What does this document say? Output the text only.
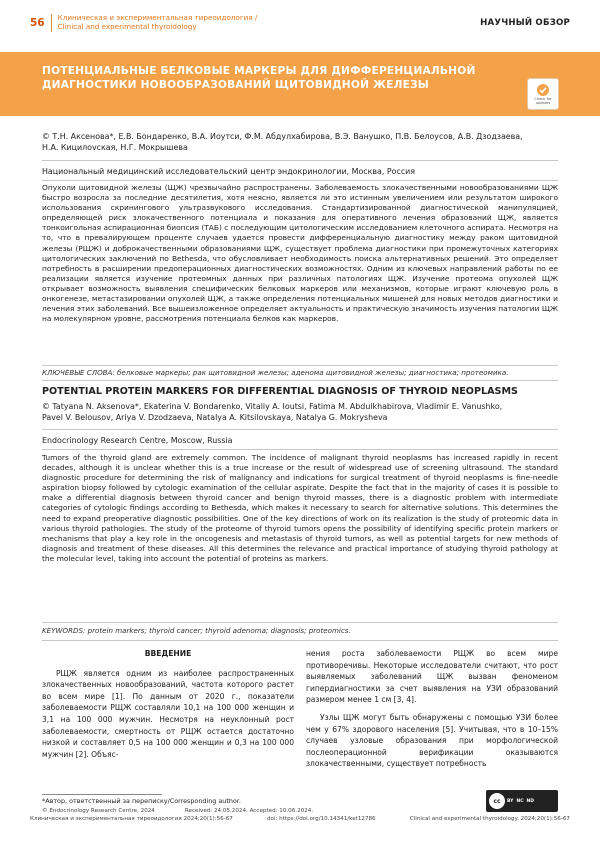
56 Клиническая и экспериментальная тиреоидология /
Clinical and experimental thyroidology	НАУЧНЫЙ ОБЗОР
ПОТЕНЦИАЛЬНЫЕ БЕЛКОВЫЕ МАРКЕРЫ ДЛЯ ДИФФЕРЕНЦИАЛЬНОЙ
ДИАГНОСТИКИ НОВООБРАЗОВАНИЙ ЩИТОВИДНОЙ ЖЕЛЕЗЫ
Check for
updates
© Т.Н. Аксенова*, Е.В. Бондаренко, В.А. Иоутси, Ф.М. Абдулхабирова, В.Э. Ванушко, П.В. Белоусов, А.В. Дзодзаева,
Н.А. Кицилovская, Н.Г. Мокрышева
Национальный медицинский исследовательский центр эндокринологии, Москва, Россия
Опухоли щитовидной железы (ЩЖ) чрезвычайно распространены. Заболеваемость злокачественными новообразованиями ЩЖ быстро возросла за последние десятилетия, хотя неясно, является ли это истинным увеличением или результатом широкого использования скринингового ультразвукового исследования. Стандартизированной диагностической манипуляцией, определяющей риск злокачественного потенциала и показания для оперативного лечения образований ЩЖ, является тонкоигольная аспирационная биопсия (ТАБ) с последующим цитологическим исследованием клеточного аспирата. Несмотря на то, что в превалирующем проценте случаев удается провести дифференциальную диагностику между раком щитовидной железы (РЩЖ) и доброкачественными образованиями ЩЖ, существует проблема диагностики при промежуточных категориях цитологических заключений по Bethesda, что обусловливает необходимость поиска альтернативных решений. Это определяет потребность в расширении предоперационных диагностических возможностях. Одним из ключевых направлений работы по ее реализации является изучение протеомных данных при различных патологиях ЩЖ. Изучение протеома опухолей ЩЖ открывает возможность выявления специфических белковых маркеров или механизмов, которые играют ключевую роль в онкогенезе, метастазировании опухолей ЩЖ, а также определения потенциальных мишеней для новых методов диагностики и лечения этих заболеваний. Все вышеизложенное определяет актуальность и практическую значимость изучения патологии ЩЖ на молекулярном уровне, рассмотрения потенциала белков как маркеров.
КЛЮЧЕВЫЕ СЛОВА: белковые маркеры; рак щитовидной железы; аденома щитовидной железы; диагностика; протеомика.
POTENTIAL PROTEIN MARKERS FOR DIFFERENTIAL DIAGNOSIS OF THYROID NEOPLASMS
© Tatyana N. Aksenova*, Ekaterina V. Bondarenko, Vitaliy A. Ioutsi, Fatima M. Abdulkhabirova, Vladimir E. Vanushko,
Pavel V. Belousov, Ariya V. Dzodzaeva, Natalya A. Kitsilovskaya, Natalya G. Mokrysheva
Endocrinology Research Centre, Moscow, Russia
Tumors of the thyroid gland are extremely common. The incidence of malignant thyroid neoplasms has increased rapidly in recent decades, although it is unclear whether this is a true increase or the result of widespread use of screening ultrasound. The standard diagnostic procedure for determining the risk of malignancy and indications for surgical treatment of thyroid neoplasms is fine-needle aspiration biopsy followed by cytologic examination of the cellular aspirate. Despite the fact that in the majority of cases it is possible to make a differential diagnosis between thyroid cancer and benign thyroid masses, there is a diagnostic problem with intermediate categories of cytologic findings according to Bethesda, which makes it necessary to search for alternative solutions. This determines the need to expand preoperative diagnostic possibilities. One of the key directions of work on its realization is the study of proteomic data in various thyroid pathologies. The study of the proteome of thyroid tumors opens the possibility of identifying specific protein markers or mechanisms that play a key role in the oncogenesis and metastasis of thyroid tumors, as well as potential targets for new methods of diagnosis and treatment of these diseases. All this determines the relevance and practical importance of studying thyroid pathology at the molecular level, taking into account the potential of proteins as markers.
KEYWORDS: protein markers; thyroid cancer; thyroid adenoma; diagnosis; proteomics.
ВВЕДЕНИЕ

РЩЖ является одним из наиболее распространенных злокачественных новообразований, частота которого растет во всем мире [1]. По данным от 2020 г., показатели заболеваемости РЩЖ составляли 10,1 на 100 000 женщин и 3,1 на 100 000 мужчин. Несмотря на неуклонный рост заболеваемости, смертность от РЩЖ остается достаточно низкой и составляет 0,5 на 100 000 женщин и 0,3 на 100 000 мужчин [2]. Объяс-

нения роста заболеваемости РЩЖ во всем мире противоречивы. Некоторые исследователи считают, что рост выявляемых заболеваний ЩЖ вызван феноменом гипердиагностики за счет выявления на УЗИ образований размером менее 1 см [3, 4].

Узлы ЩЖ могут быть обнаружены с помощью УЗИ более чем у 67% здорового населения [5]. Учитывая, что в 10–15% случаев узловые образования при морфологической послеоперационной верификации оказываются злокачественными, существует потребность

*Автор, ответственный за переписку/Corresponding author.	cc	BY NC ND
© Endocrinology Research Centre, 2024	Received: 24.05.2024. Accepted: 10.06.2024.
Клиническая и экспериментальная тиреоидология 2024;20(1):56-67	doi: https://doi.org/10.14341/ket12786	Clinical and experimental thyroidology. 2024;20(1):56-67
